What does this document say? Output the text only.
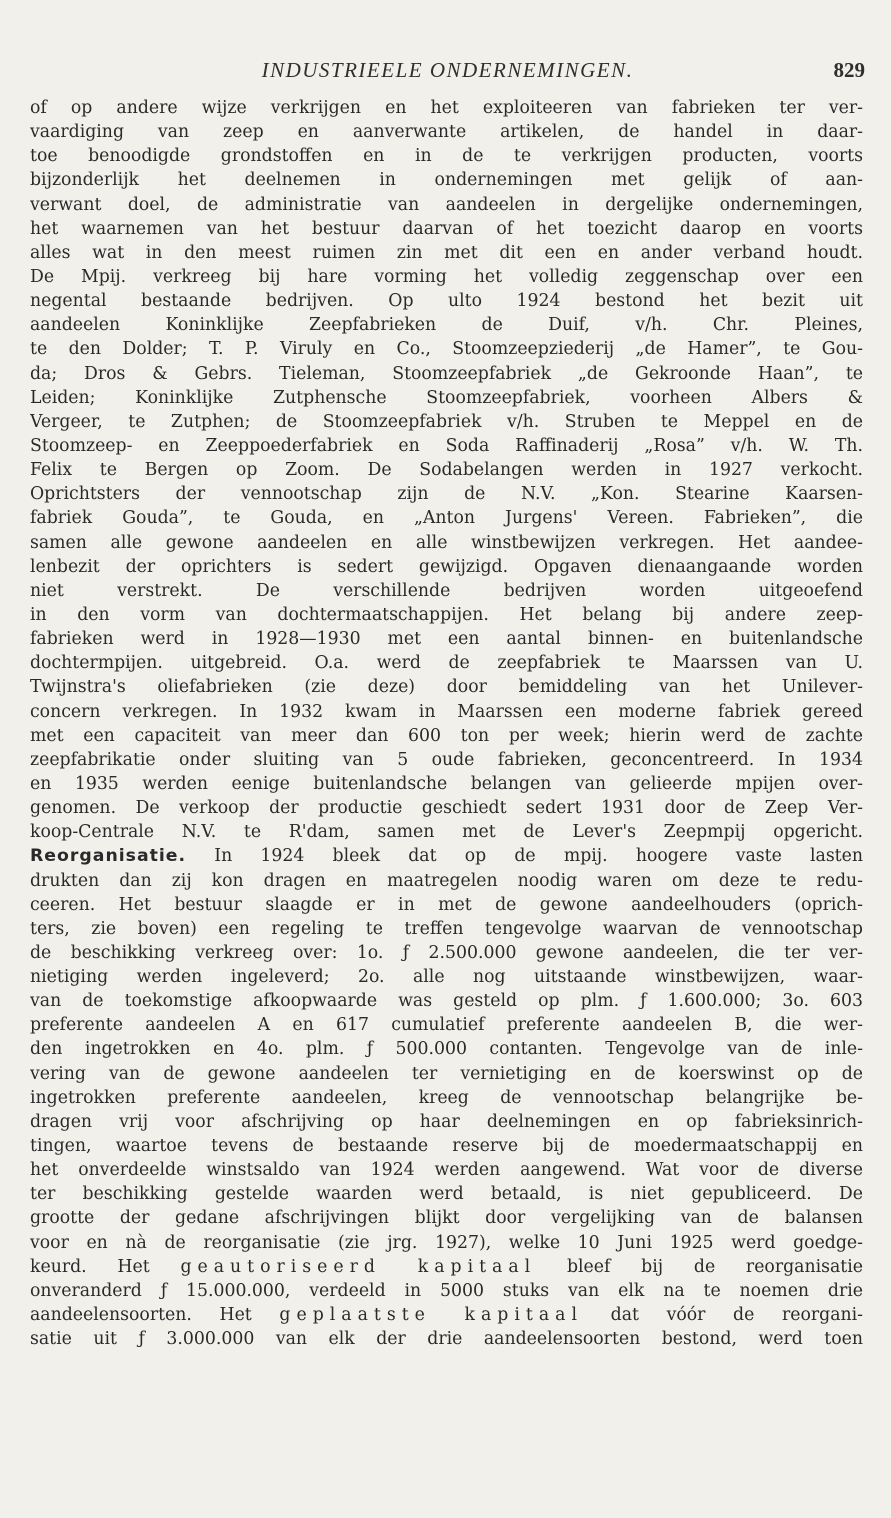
INDUSTRIEELE ONDERNEMINGEN.	829
of op andere wijze verkrijgen en het exploiteeren van fabrieken ter ver-
vaardiging van zeep en aanverwante artikelen, de handel in daar-
toe benoodigde grondstoffen en in de te verkrijgen producten, voorts
bijzonderlijk het deelnemen in ondernemingen met gelijk of aan-
verwant doel, de administratie van aandeelen in dergelijke ondernemingen,
het waarnemen van het bestuur daarvan of het toezicht daarop en voorts
alles wat in den meest ruimen zin met dit een en ander verband houdt.
De Mpij. verkreeg bij hare vorming het volledig zeggenschap over een
negental bestaande bedrijven. Op ulto 1924 bestond het bezit uit
aandeelen Koninklijke Zeepfabrieken de Duif, v/h. Chr. Pleines,
te den Dolder; T. P. Viruly en Co., Stoomzeepziederij „de Hamer”, te Gou-
da; Dros & Gebrs. Tieleman, Stoomzeepfabriek „de Gekroonde Haan”, te
Leiden; Koninklijke Zutphensche Stoomzeepfabriek, voorheen Albers &
Vergeer, te Zutphen; de Stoomzeepfabriek v/h. Struben te Meppel en de
Stoomzeep- en Zeeppoederfabriek en Soda Raffinaderij „Rosa” v/h. W. Th.
Felix te Bergen op Zoom. De Sodabelangen werden in 1927 verkocht.
Oprichtsters der vennootschap zijn de N.V. „Kon. Stearine Kaarsen-
fabriek Gouda”, te Gouda, en „Anton Jurgens' Vereen. Fabrieken”, die
samen alle gewone aandeelen en alle winstbewijzen verkregen. Het aandee-
lenbezit der oprichters is sedert gewijzigd. Opgaven dienaangaande worden
niet verstrekt. De verschillende bedrijven worden uitgeoefend
in den vorm van dochtermaatschappijen. Het belang bij andere zeep-
fabrieken werd in 1928—1930 met een aantal binnen- en buitenlandsche
dochtermpijen. uitgebreid. O.a. werd de zeepfabriek te Maarssen van U.
Twijnstra's oliefabrieken (zie deze) door bemiddeling van het Unilever-
concern verkregen. In 1932 kwam in Maarssen een moderne fabriek gereed
met een capaciteit van meer dan 600 ton per week; hierin werd de zachte
zeepfabrikatie onder sluiting van 5 oude fabrieken, geconcentreerd. In 1934
en 1935 werden eenige buitenlandsche belangen van gelieerde mpijen over-
genomen. De verkoop der productie geschiedt sedert 1931 door de Zeep Ver-
koop-Centrale N.V. te R'dam, samen met de Lever's Zeepmpij opgericht.
Reorganisatie. In 1924 bleek dat op de mpij. hoogere vaste lasten
drukten dan zij kon dragen en maatregelen noodig waren om deze te redu-
ceeren. Het bestuur slaagde er in met de gewone aandeelhouders (oprich-
ters, zie boven) een regeling te treffen tengevolge waarvan de vennootschap
de beschikking verkreeg over: 1o. ƒ 2.500.000 gewone aandeelen, die ter ver-
nietiging werden ingeleverd; 2o. alle nog uitstaande winstbewijzen, waar-
van de toekomstige afkoopwaarde was gesteld op plm. ƒ 1.600.000; 3o. 603
preferente aandeelen A en 617 cumulatief preferente aandeelen B, die wer-
den ingetrokken en 4o. plm. ƒ 500.000 contanten. Tengevolge van de inle-
vering van de gewone aandeelen ter vernietiging en de koerswinst op de
ingetrokken preferente aandeelen, kreeg de vennootschap belangrijke be-
dragen vrij voor afschrijving op haar deelnemingen en op fabrieksinrich-
tingen, waartoe tevens de bestaande reserve bij de moedermaatschappij en
het onverdeelde winstsaldo van 1924 werden aangewend. Wat voor de diverse
ter beschikking gestelde waarden werd betaald, is niet gepubliceerd. De
grootte der gedane afschrijvingen blijkt door vergelijking van de balansen
voor en nà de reorganisatie (zie jrg. 1927), welke 10 Juni 1925 werd goedge-
keurd. Het geautoriseerd kapitaal bleef bij de reorganisatie
onveranderd ƒ 15.000.000, verdeeld in 5000 stuks van elk na te noemen drie
aandeelensoorten. Het geplaatste kapitaal dat vóór de reorgani-
satie uit ƒ 3.000.000 van elk der drie aandeelensoorten bestond, werd toen
